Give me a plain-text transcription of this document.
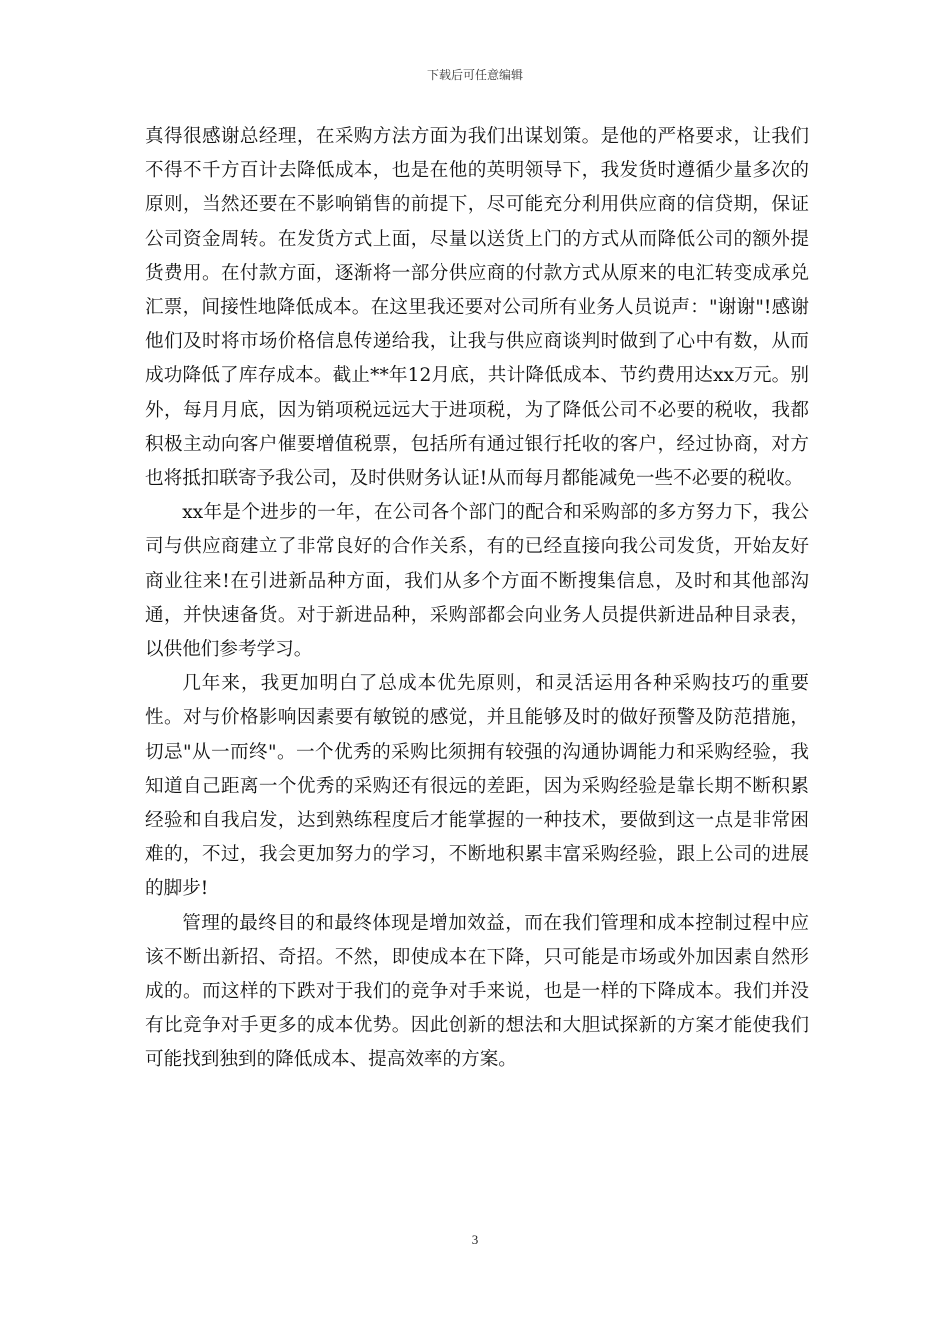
下载后可任意编辑

真得很感谢总经理，在采购方法方面为我们出谋划策。是他的严格要求，让我们不得不千方百计去降低成本，也是在他的英明领导下，我发货时遵循少量多次的原则，当然还要在不影响销售的前提下，尽可能充分利用供应商的信贷期，保证公司资金周转。在发货方式上面，尽量以送货上门的方式从而降低公司的额外提货费用。在付款方面，逐渐将一部分供应商的付款方式从原来的电汇转变成承兑汇票，间接性地降低成本。在这里我还要对公司所有业务人员说声："谢谢"!感谢他们及时将市场价格信息传递给我，让我与供应商谈判时做到了心中有数，从而成功降低了库存成本。截止**年12月底，共计降低成本、节约费用达xx万元。别外，每月月底，因为销项税远远大于进项税，为了降低公司不必要的税收，我都积极主动向客户催要增值税票，包括所有通过银行托收的客户，经过协商，对方也将抵扣联寄予我公司，及时供财务认证!从而每月都能减免一些不必要的税收。

xx年是个进步的一年，在公司各个部门的配合和采购部的多方努力下，我公司与供应商建立了非常良好的合作关系，有的已经直接向我公司发货，开始友好商业往来!在引进新品种方面，我们从多个方面不断搜集信息，及时和其他部沟通，并快速备货。对于新进品种，采购部都会向业务人员提供新进品种目录表，以供他们参考学习。

几年来，我更加明白了总成本优先原则，和灵活运用各种采购技巧的重要性。对与价格影响因素要有敏锐的感觉，并且能够及时的做好预警及防范措施，切忌"从一而终"。一个优秀的采购比须拥有较强的沟通协调能力和采购经验，我知道自己距离一个优秀的采购还有很远的差距，因为采购经验是靠长期不断积累经验和自我启发，达到熟练程度后才能掌握的一种技术，要做到这一点是非常困难的，不过，我会更加努力的学习，不断地积累丰富采购经验，跟上公司的进展的脚步!

管理的最终目的和最终体现是增加效益，而在我们管理和成本控制过程中应该不断出新招、奇招。不然，即使成本在下降，只可能是市场或外加因素自然形成的。而这样的下跌对于我们的竞争对手来说，也是一样的下降成本。我们并没有比竞争对手更多的成本优势。因此创新的想法和大胆试探新的方案才能使我们可能找到独到的降低成本、提高效率的方案。

3
